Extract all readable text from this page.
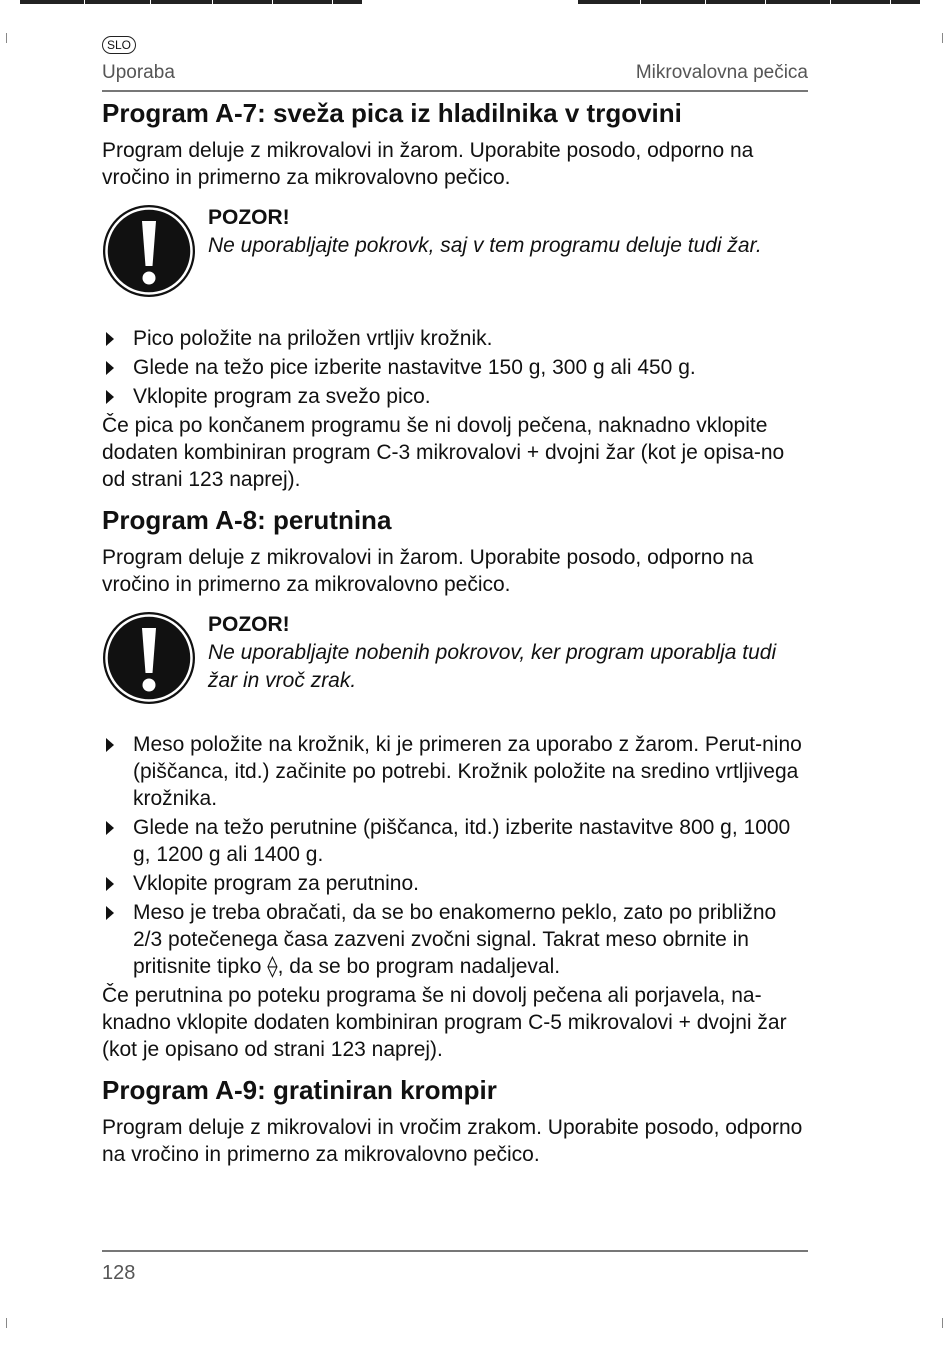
SLO
Uporaba	Mikrovalovna pečica
Program A-7: sveža pica iz hladilnika v trgovini

Program deluje z mikrovalovi in žarom. Uporabite posodo, odporno na vročino in primerno za mikrovalovno pečico.

POZOR!
Ne uporabljajte pokrovk, saj v tem programu deluje tudi žar.
Pico položite na priložen vrtljiv krožnik.
Glede na težo pice izberite nastavitve 150 g, 300 g ali 450 g.
Vklopite program za svežo pico.

Če pica po končanem programu še ni dovolj pečena, naknadno vklopite dodaten kombiniran program C-3 mikrovalovi + dvojni žar (kot je opisa-no od strani 123 naprej).

Program A-8: perutnina

Program deluje z mikrovalovi in žarom. Uporabite posodo, odporno na vročino in primerno za mikrovalovno pečico.

POZOR!
Ne uporabljajte nobenih pokrovov, ker program uporablja tudi žar in vroč zrak.
Meso položite na krožnik, ki je primeren za uporabo z žarom. Perut-nino (piščanca, itd.) začinite po potrebi. Krožnik položite na sredino vrtljivega krožnika.
Glede na težo perutnine (piščanca, itd.) izberite nastavitve 800 g, 1000 g, 1200 g ali 1400 g.
Vklopite program za perutnino.
Meso je treba obračati, da se bo enakomerno peklo, zato po približno 2/3 potečenega časa zazveni zvočni signal. Takrat meso obrnite in pritisnite tipko ⟠, da se bo program nadaljeval.

Če perutnina po poteku programa še ni dovolj pečena ali porjavela, na-knadno vklopite dodaten kombiniran program C-5 mikrovalovi + dvojni žar (kot je opisano od strani 123 naprej).

Program A-9: gratiniran krompir

Program deluje z mikrovalovi in vročim zrakom. Uporabite posodo, odporno na vročino in primerno za mikrovalovno pečico.

128
